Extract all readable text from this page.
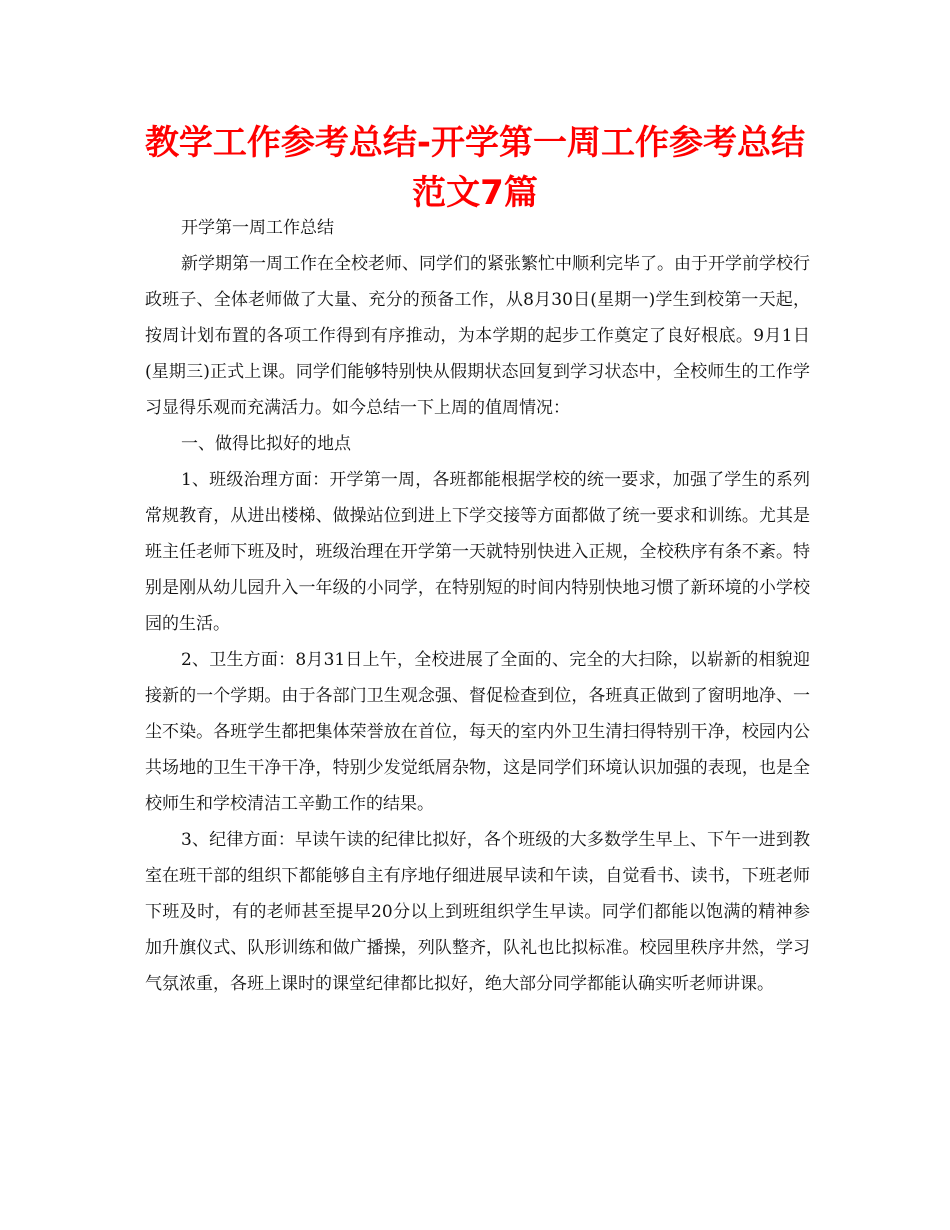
教学工作参考总结-开学第一周工作参考总结范文7篇

开学第一周工作总结

新学期第一周工作在全校老师、同学们的紧张繁忙中顺利完毕了。由于开学前学校行政班子、全体老师做了大量、充分的预备工作，从8月30日(星期一)学生到校第一天起，按周计划布置的各项工作得到有序推动，为本学期的起步工作奠定了良好根底。9月1日(星期三)正式上课。同学们能够特别快从假期状态回复到学习状态中，全校师生的工作学习显得乐观而充满活力。如今总结一下上周的值周情况：

一、做得比拟好的地点

1、班级治理方面：开学第一周，各班都能根据学校的统一要求，加强了学生的系列常规教育，从进出楼梯、做操站位到进上下学交接等方面都做了统一要求和训练。尤其是班主任老师下班及时，班级治理在开学第一天就特别快进入正规，全校秩序有条不紊。特别是刚从幼儿园升入一年级的小同学，在特别短的时间内特别快地习惯了新环境的小学校园的生活。

2、卫生方面：8月31日上午，全校进展了全面的、完全的大扫除，以崭新的相貌迎接新的一个学期。由于各部门卫生观念强、督促检查到位，各班真正做到了窗明地净、一尘不染。各班学生都把集体荣誉放在首位，每天的室内外卫生清扫得特别干净，校园内公共场地的卫生干净干净，特别少发觉纸屑杂物，这是同学们环境认识加强的表现，也是全校师生和学校清洁工辛勤工作的结果。

3、纪律方面：早读午读的纪律比拟好，各个班级的大多数学生早上、下午一进到教室在班干部的组织下都能够自主有序地仔细进展早读和午读，自觉看书、读书，下班老师下班及时，有的老师甚至提早20分以上到班组织学生早读。同学们都能以饱满的精神参加升旗仪式、队形训练和做广播操，列队整齐，队礼也比拟标准。校园里秩序井然，学习气氛浓重，各班上课时的课堂纪律都比拟好，绝大部分同学都能认确实听老师讲课。
